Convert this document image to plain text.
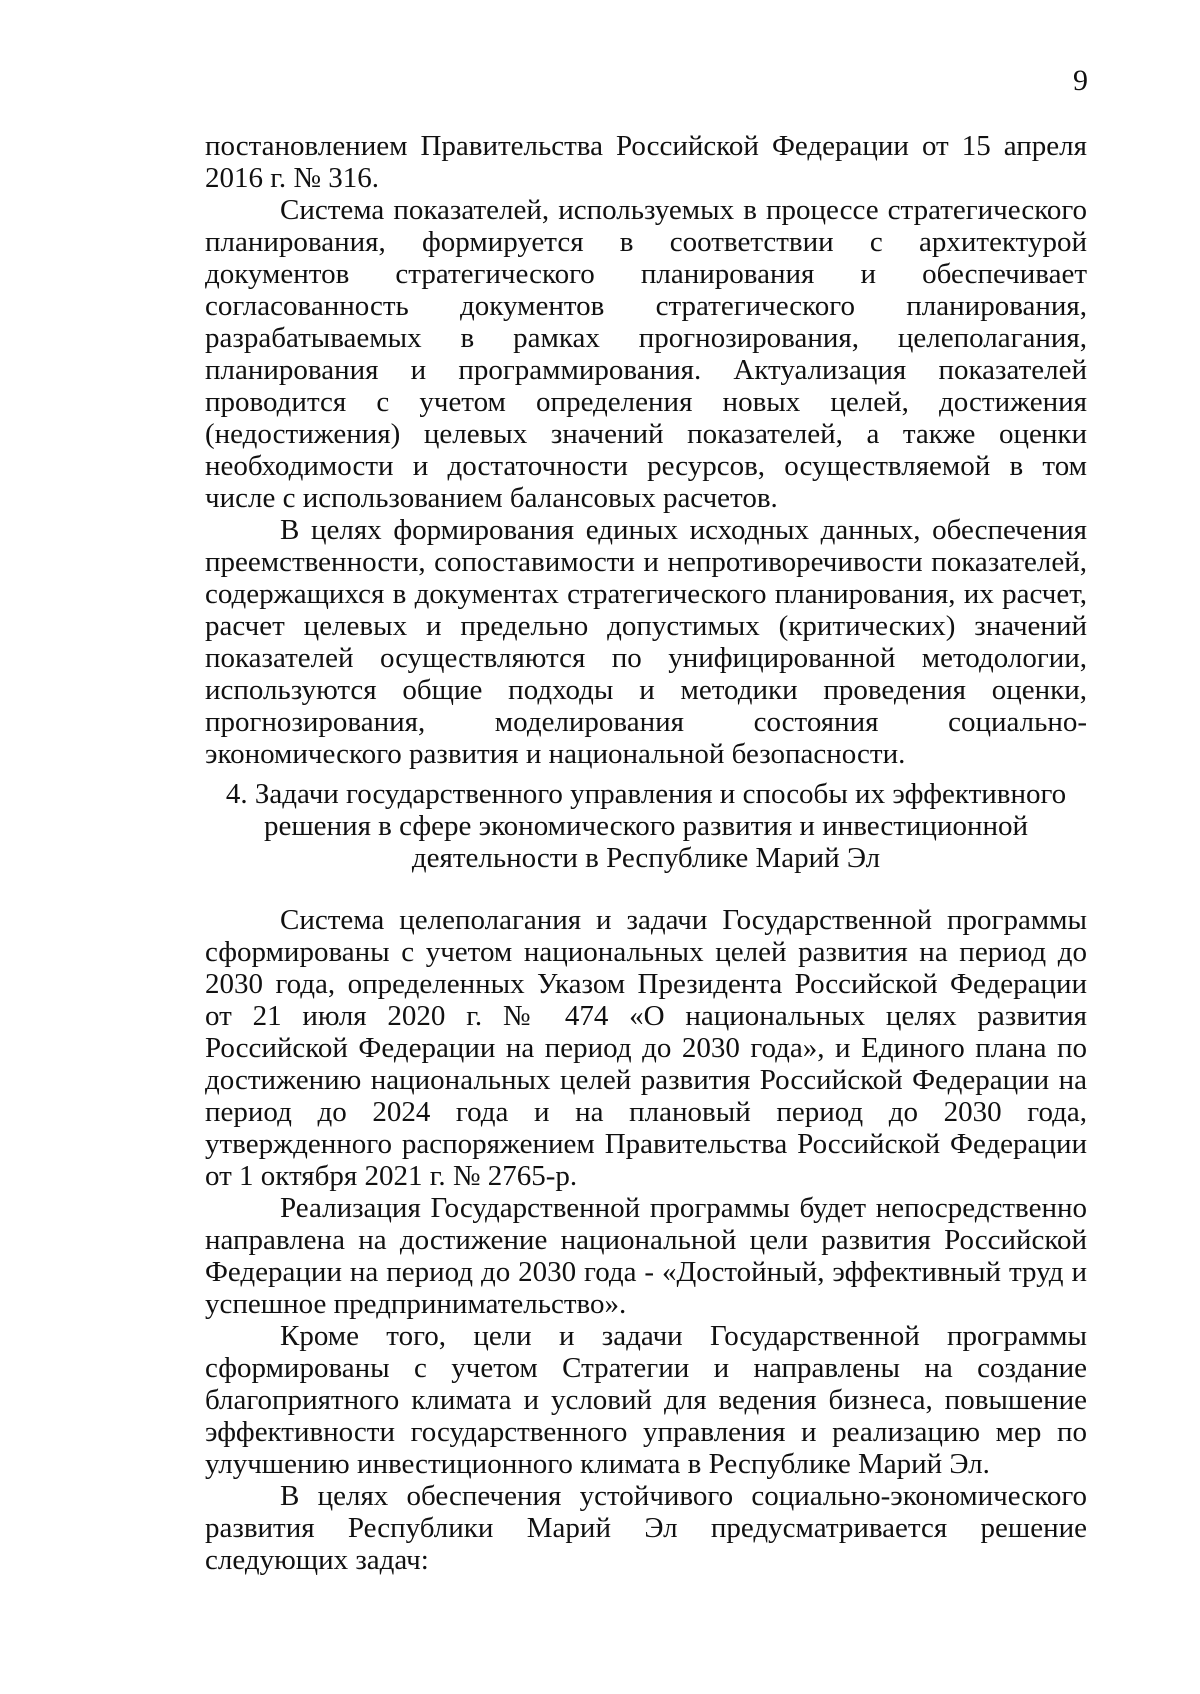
9

постановлением Правительства Российской Федерации от 15 апреля 2016 г. № 316.

Система показателей, используемых в процессе стратегического планирования, формируется в соответствии с архитектурой документов стратегического планирования и обеспечивает согласованность документов стратегического планирования, разрабатываемых в рамках прогнозирования, целеполагания, планирования и программирования. Актуализация показателей проводится с учетом определения новых целей, достижения (недостижения) целевых значений показателей, а также оценки необходимости и достаточности ресурсов, осуществляемой в том числе с использованием балансовых расчетов.

В целях формирования единых исходных данных, обеспечения преемственности, сопоставимости и непротиворечивости показателей, содержащихся в документах стратегического планирования, их расчет, расчет целевых и предельно допустимых (критических) значений показателей осуществляются по унифицированной методологии, используются общие подходы и методики проведения оценки, прогнозирования, моделирования состояния социально-экономического развития и национальной безопасности.

4. Задачи государственного управления и способы их эффективного
решения в сфере экономического развития и инвестиционной
деятельности в Республике Марий Эл

Система целеполагания и задачи Государственной программы сформированы с учетом национальных целей развития на период до 2030 года, определенных Указом Президента Российской Федерации от 21 июля 2020 г. № 474 «О национальных целях развития Российской Федерации на период до 2030 года», и Единого плана по достижению национальных целей развития Российской Федерации на период до 2024 года и на плановый период до 2030 года, утвержденного распоряжением Правительства Российской Федерации от 1 октября 2021 г. № 2765-р.

Реализация Государственной программы будет непосредственно направлена на достижение национальной цели развития Российской Федерации на период до 2030 года - «Достойный, эффективный труд и успешное предпринимательство».

Кроме того, цели и задачи Государственной программы сформированы с учетом Стратегии и направлены на создание благоприятного климата и условий для ведения бизнеса, повышение эффективности государственного управления и реализацию мер по улучшению инвестиционного климата в Республике Марий Эл.

В целях обеспечения устойчивого социально-экономического развития Республики Марий Эл предусматривается решение следующих задач:
